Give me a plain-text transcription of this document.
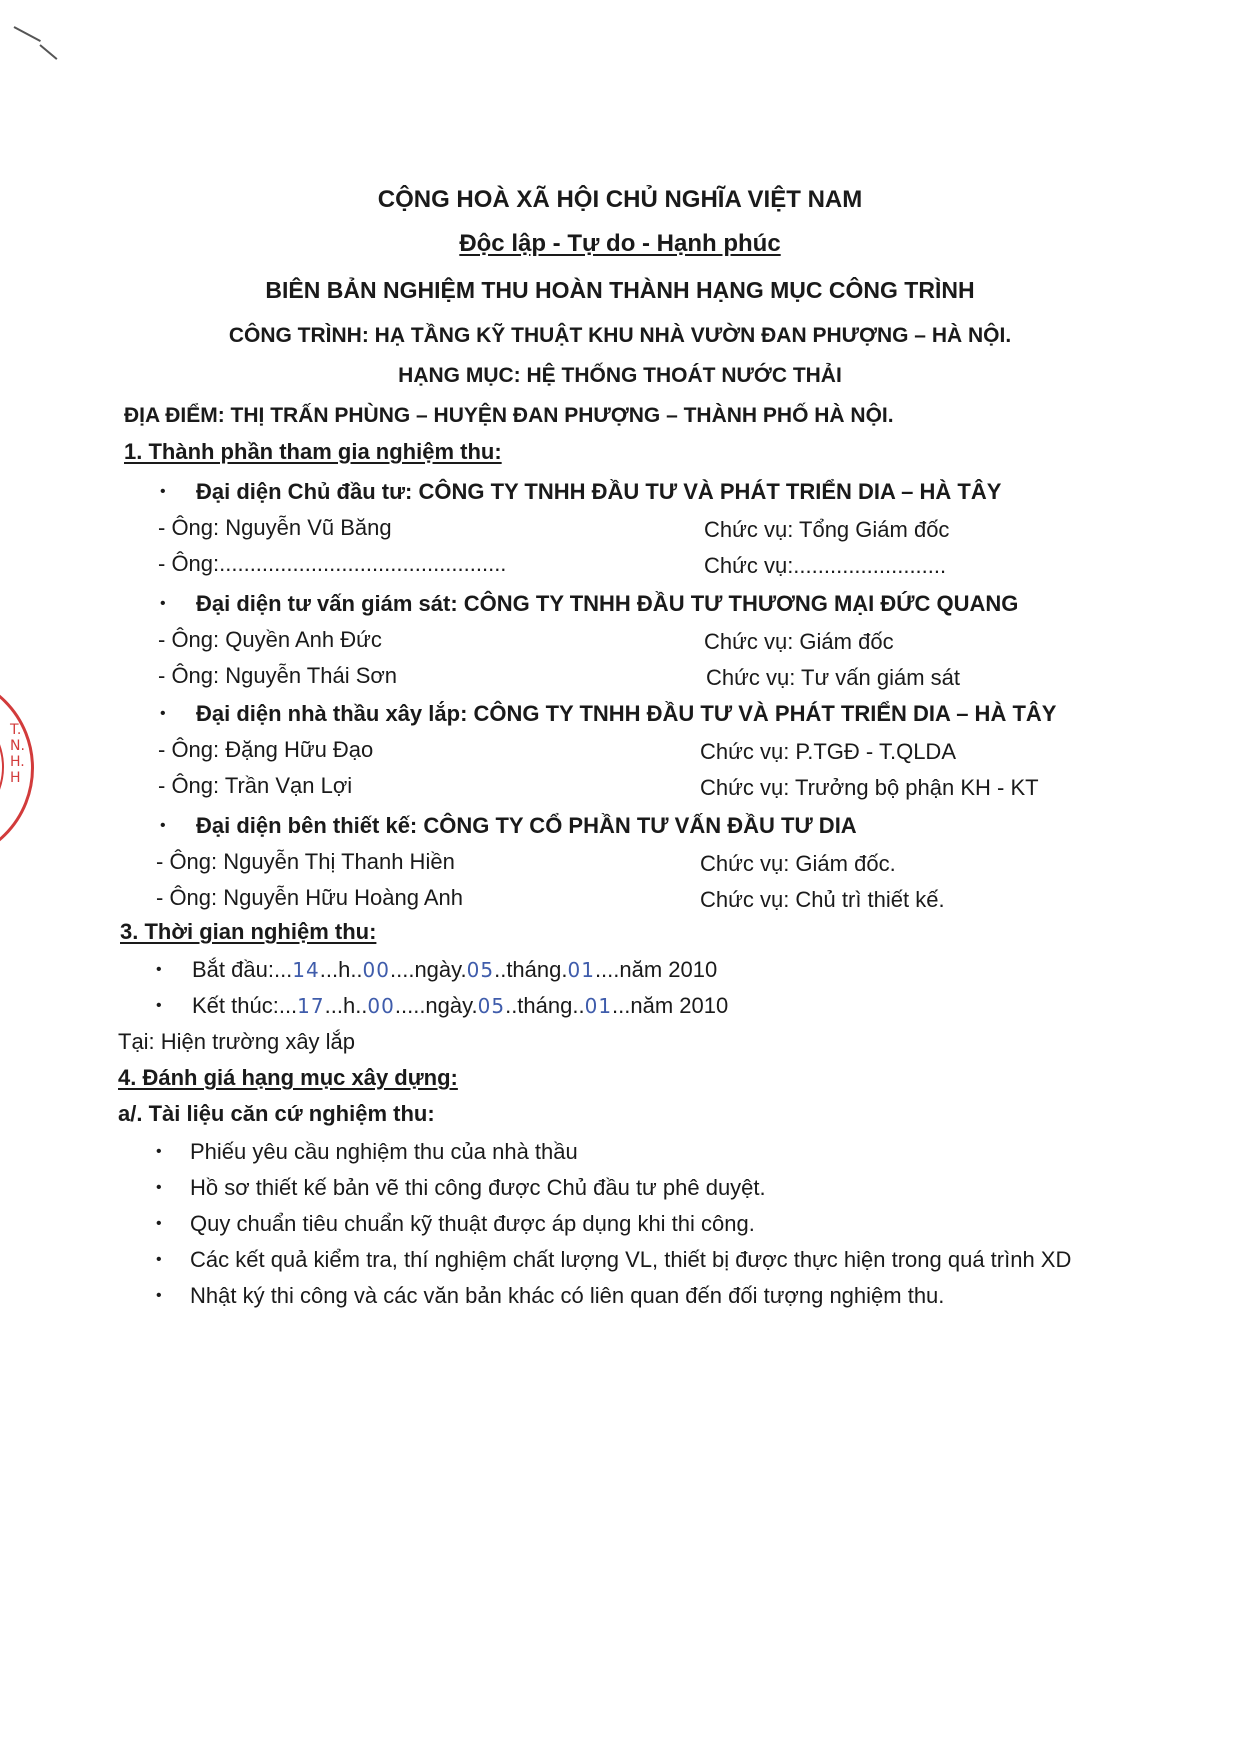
T.N.H.H
CỘNG HOÀ XÃ HỘI CHỦ NGHĨA VIỆT NAM
Độc lập - Tự do - Hạnh phúc
BIÊN BẢN NGHIỆM THU HOÀN THÀNH HẠNG MỤC CÔNG TRÌNH
CÔNG TRÌNH: HẠ TẦNG KỸ THUẬT KHU NHÀ VƯỜN ĐAN PHƯỢNG – HÀ NỘI.
HẠNG MỤC: HỆ THỐNG THOÁT NƯỚC THẢI
ĐỊA ĐIỂM: THỊ TRẤN PHÙNG – HUYỆN ĐAN PHƯỢNG – THÀNH PHỐ HÀ NỘI.
1. Thành phần tham gia nghiệm thu:
• Đại diện Chủ đầu tư: CÔNG TY TNHH ĐẦU TƯ VÀ PHÁT TRIỂN DIA – HÀ TÂY
- Ông: Nguyễn Vũ Băng	Chức vụ: Tổng Giám đốc
- Ông:...............................................	Chức vụ:.........................
• Đại diện tư vấn giám sát: CÔNG TY TNHH ĐẦU TƯ THƯƠNG MẠI ĐỨC QUANG
- Ông: Quyền Anh Đức	Chức vụ: Giám đốc
- Ông: Nguyễn Thái Sơn	Chức vụ: Tư vấn giám sát
• Đại diện nhà thầu xây lắp: CÔNG TY TNHH ĐẦU TƯ VÀ PHÁT TRIỂN DIA – HÀ TÂY
- Ông: Đặng Hữu Đạo	Chức vụ: P.TGĐ - T.QLDA
- Ông: Trần Vạn Lợi	Chức vụ: Trưởng bộ phận KH - KT
• Đại diện bên thiết kế: CÔNG TY CỔ PHẦN TƯ VẤN ĐẦU TƯ DIA
- Ông: Nguyễn Thị Thanh Hiền	Chức vụ: Giám đốc.
- Ông: Nguyễn Hữu Hoàng Anh	Chức vụ: Chủ trì thiết kế.
3. Thời gian nghiệm thu:
• Bắt đầu:...14...h..00....ngày.05..tháng.01....năm 2010
• Kết thúc:...17...h..00.....ngày.05..tháng..01...năm 2010
Tại: Hiện trường xây lắp
4. Đánh giá hạng mục xây dựng:
a/. Tài liệu căn cứ nghiệm thu:
• Phiếu yêu cầu nghiệm thu của nhà thầu
• Hồ sơ thiết kế bản vẽ thi công được Chủ đầu tư phê duyệt.
• Quy chuẩn tiêu chuẩn kỹ thuật được áp dụng khi thi công.
• Các kết quả kiểm tra, thí nghiệm chất lượng VL, thiết bị được thực hiện trong quá trình XD
• Nhật ký thi công và các văn bản khác có liên quan đến đối tượng nghiệm thu.
